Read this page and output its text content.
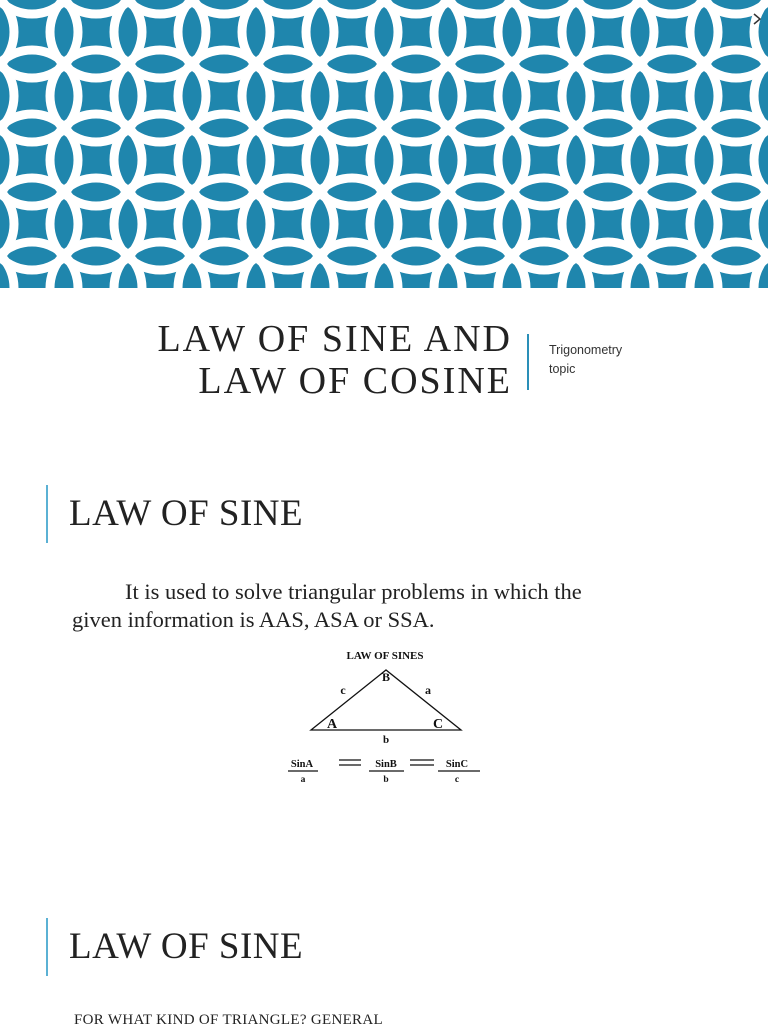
LAW OF SINE AND
LAW OF COSINE
Trigonometry
topic
LAW OF SINE
It is used to solve triangular problems in which the
given information is AAS, ASA or SSA.
LAW OF SINES
B
A	C
c	a
b
SinA
a
SinB
b
SinC
c
LAW OF SINE
FOR WHAT KIND OF TRIANGLE? GENERAL
